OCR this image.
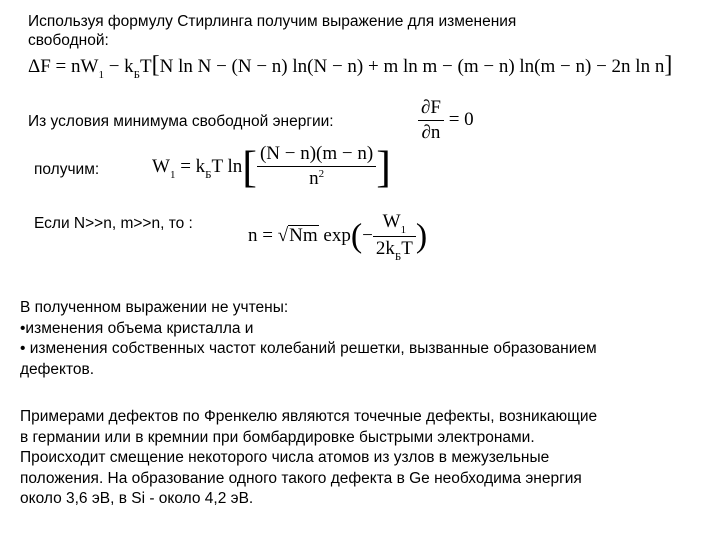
Используя формулу Стирлинга получим выражение для изменения
свободной:
$\Delta F = nW_1 - k_БT[N$ ln N − (N − n) ln(N − n) + m ln m − (m − n) ln(m − n) − 2n ln n]
Из условия минимума свободной энергии:	$\frac{\partial F}{\partial n} = 0$
получим:	$W_1 = k_БT$ $\ln[ \frac{(N - n)(m - n)}{n^2}$ ]
Если N>>n, m>>n, то :
n = √Nm $\exp(- \frac{W_1}{2k_БT}$ )
В полученном выражении не учтены:
•изменения объема кристалла и
• изменения собственных частот колебаний решетки, вызванные образованием
дефектов.
Примерами дефектов по Френкелю являются точечные дефекты, возникающие
в германии или в кремнии при бомбардировке быстрыми электронами.
Происходит смещение некоторого числа атомов из узлов в межузельные
положения. На образование одного такого дефекта в Ge необходима энергия
около 3,6 эВ, в Si - около 4,2 эВ.
